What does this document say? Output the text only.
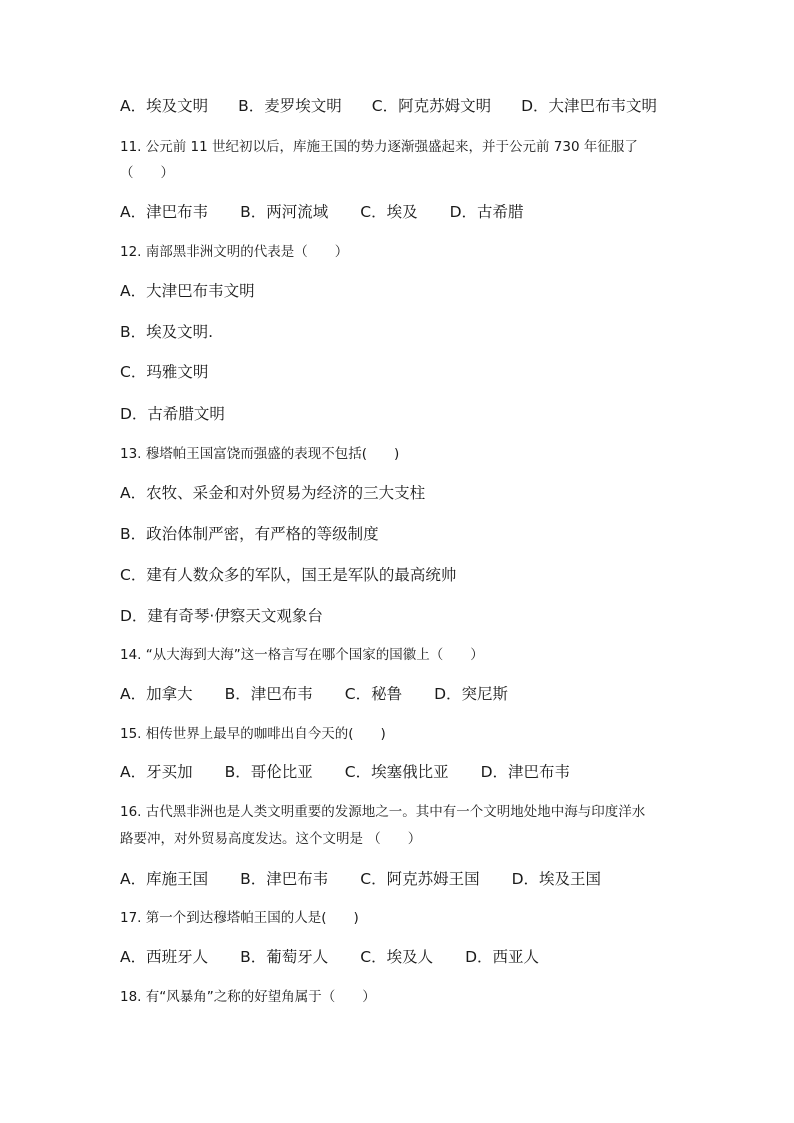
A．埃及文明 B．麦罗埃文明 C．阿克苏姆文明 D．大津巴布韦文明
11. 公元前 11 世纪初以后，库施王国的势力逐渐强盛起来，并于公元前 730 年征服了
（　　）
A．津巴布韦 B．两河流域 C．埃及 D．古希腊
12. 南部黑非洲文明的代表是（　　）
A．大津巴布韦文明
B．埃及文明.
C．玛雅文明
D．古希腊文明
13. 穆塔帕王国富饶而强盛的表现不包括(　　)
A．农牧、采金和对外贸易为经济的三大支柱
B．政治体制严密，有严格的等级制度
C．建有人数众多的军队，国王是军队的最高统帅
D．建有奇琴·伊察天文观象台
14. “从大海到大海”这一格言写在哪个国家的国徽上（　　）
A．加拿大 B．津巴布韦 C．秘鲁 D．突尼斯
15. 相传世界上最早的咖啡出自今天的(　　)
A．牙买加 B．哥伦比亚 C．埃塞俄比亚 D．津巴布韦
16. 古代黑非洲也是人类文明重要的发源地之一。其中有一个文明地处地中海与印度洋水
路要冲，对外贸易高度发达。这个文明是 （　　）
A．库施王国 B．津巴布韦 C．阿克苏姆王国 D．埃及王国
17. 第一个到达穆塔帕王国的人是(　　)
A．西班牙人 B．葡萄牙人 C．埃及人 D．西亚人
18. 有“风暴角”之称的好望角属于（　　）
